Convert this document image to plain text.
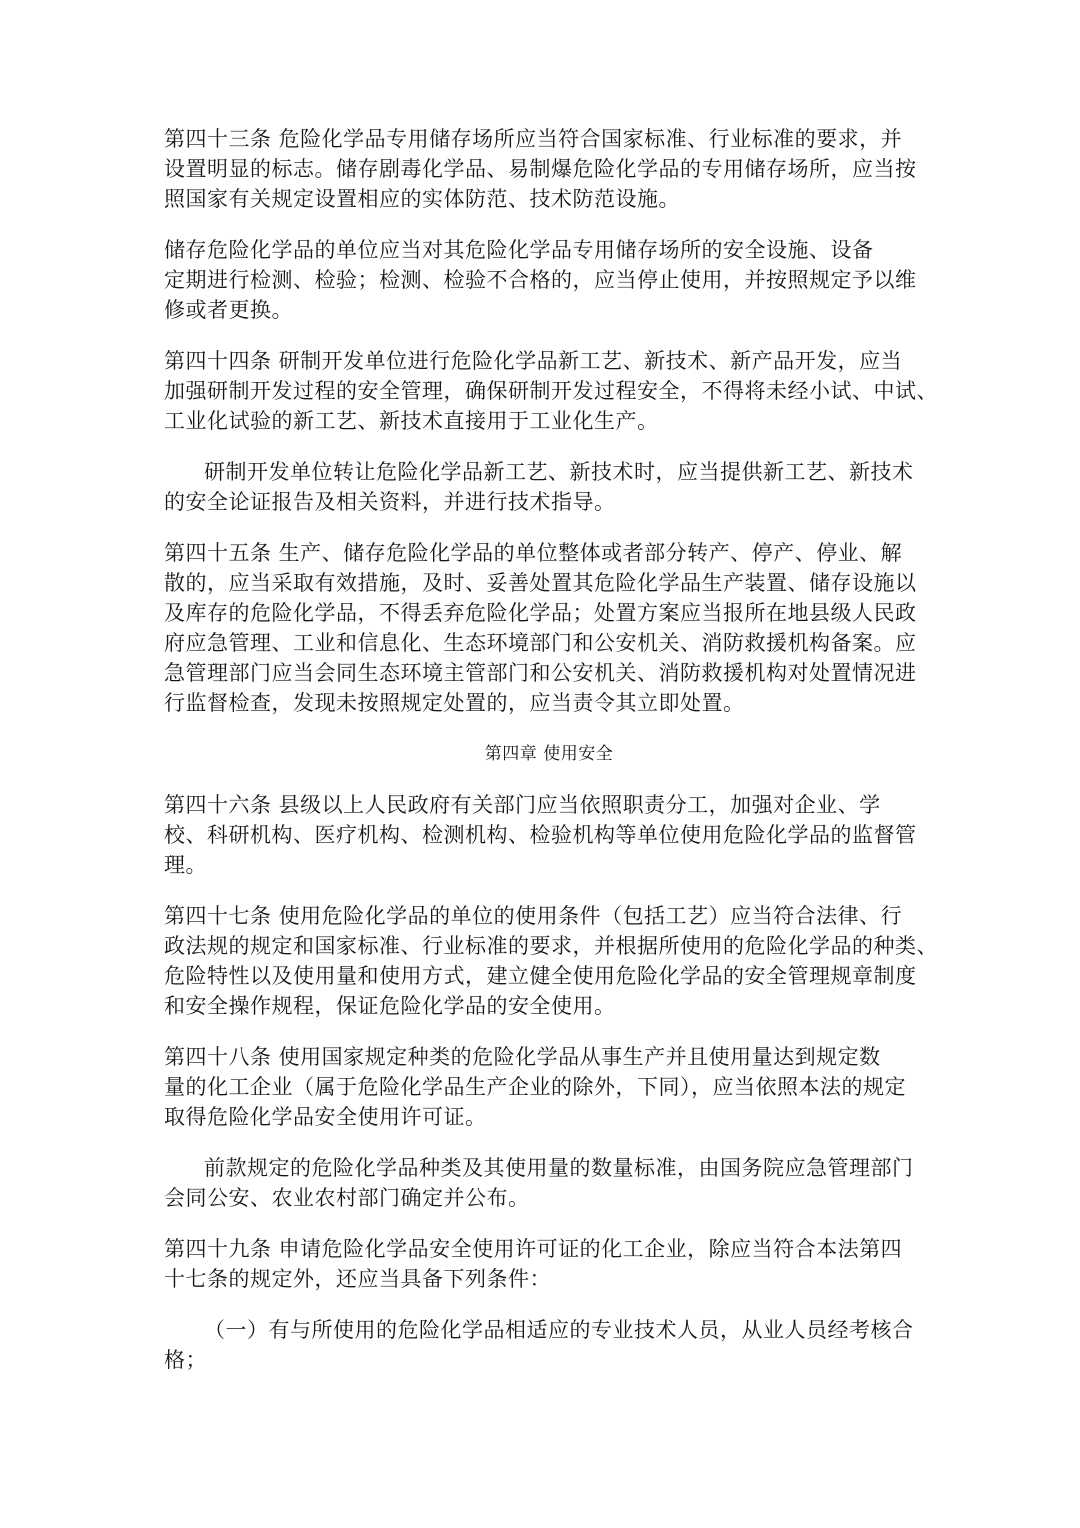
第四十三条 危险化学品专用储存场所应当符合国家标准、行业标准的要求，并
设置明显的标志。储存剧毒化学品、易制爆危险化学品的专用储存场所，应当按
照国家有关规定设置相应的实体防范、技术防范设施。
储存危险化学品的单位应当对其危险化学品专用储存场所的安全设施、设备
定期进行检测、检验；检测、检验不合格的，应当停止使用，并按照规定予以维
修或者更换。
第四十四条 研制开发单位进行危险化学品新工艺、新技术、新产品开发，应当
加强研制开发过程的安全管理，确保研制开发过程安全，不得将未经小试、中试、
工业化试验的新工艺、新技术直接用于工业化生产。
研制开发单位转让危险化学品新工艺、新技术时，应当提供新工艺、新技术
的安全论证报告及相关资料，并进行技术指导。
第四十五条 生产、储存危险化学品的单位整体或者部分转产、停产、停业、解
散的，应当采取有效措施，及时、妥善处置其危险化学品生产装置、储存设施以
及库存的危险化学品，不得丢弃危险化学品；处置方案应当报所在地县级人民政
府应急管理、工业和信息化、生态环境部门和公安机关、消防救援机构备案。应
急管理部门应当会同生态环境主管部门和公安机关、消防救援机构对处置情况进
行监督检查，发现未按照规定处置的，应当责令其立即处置。
第四章 使用安全
第四十六条 县级以上人民政府有关部门应当依照职责分工，加强对企业、学
校、科研机构、医疗机构、检测机构、检验机构等单位使用危险化学品的监督管
理。
第四十七条 使用危险化学品的单位的使用条件（包括工艺）应当符合法律、行
政法规的规定和国家标准、行业标准的要求，并根据所使用的危险化学品的种类、
危险特性以及使用量和使用方式，建立健全使用危险化学品的安全管理规章制度
和安全操作规程，保证危险化学品的安全使用。
第四十八条 使用国家规定种类的危险化学品从事生产并且使用量达到规定数
量的化工企业（属于危险化学品生产企业的除外，下同），应当依照本法的规定
取得危险化学品安全使用许可证。
前款规定的危险化学品种类及其使用量的数量标准，由国务院应急管理部门
会同公安、农业农村部门确定并公布。
第四十九条 申请危险化学品安全使用许可证的化工企业，除应当符合本法第四
十七条的规定外，还应当具备下列条件：
（一）有与所使用的危险化学品相适应的专业技术人员，从业人员经考核合
格；
